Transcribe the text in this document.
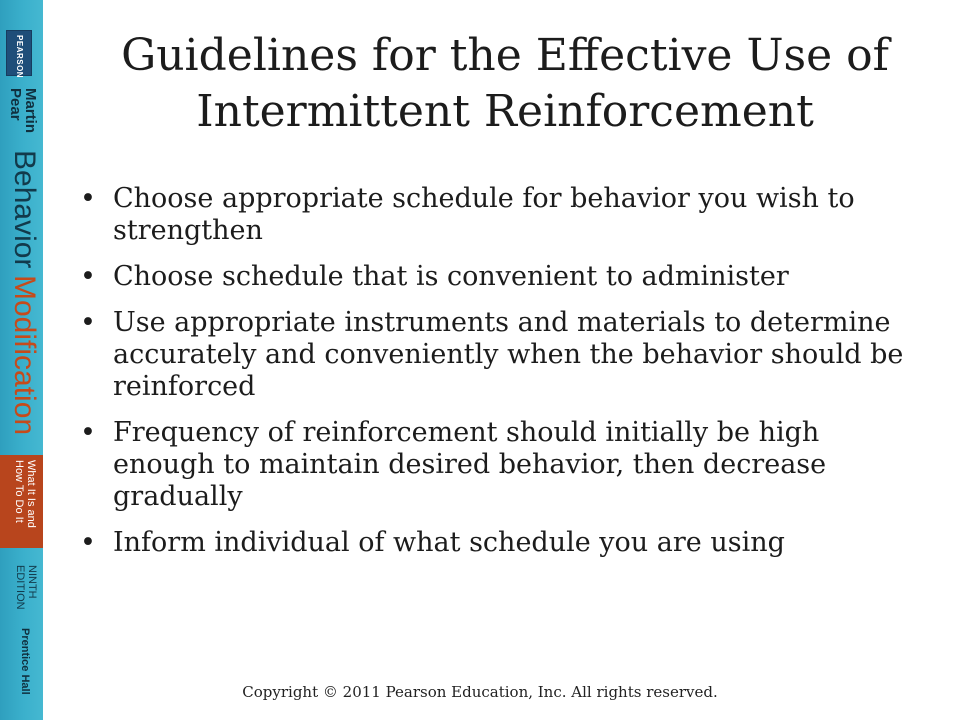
PEARSON
Martin
Pear
Behavior
Modification
What It Is and
How To Do It
NINTH
EDITION
Prentice Hall
Guidelines for the Effective Use of Intermittent Reinforcement
• Choose appropriate schedule for behavior you wish to strengthen
• Choose schedule that is convenient to administer
• Use appropriate instruments and materials to determine accurately and conveniently when the behavior should be reinforced
• Frequency of reinforcement should initially be high enough to maintain desired behavior, then decrease gradually
• Inform individual of what schedule you are using
Copyright © 2011 Pearson Education, Inc. All rights reserved.
